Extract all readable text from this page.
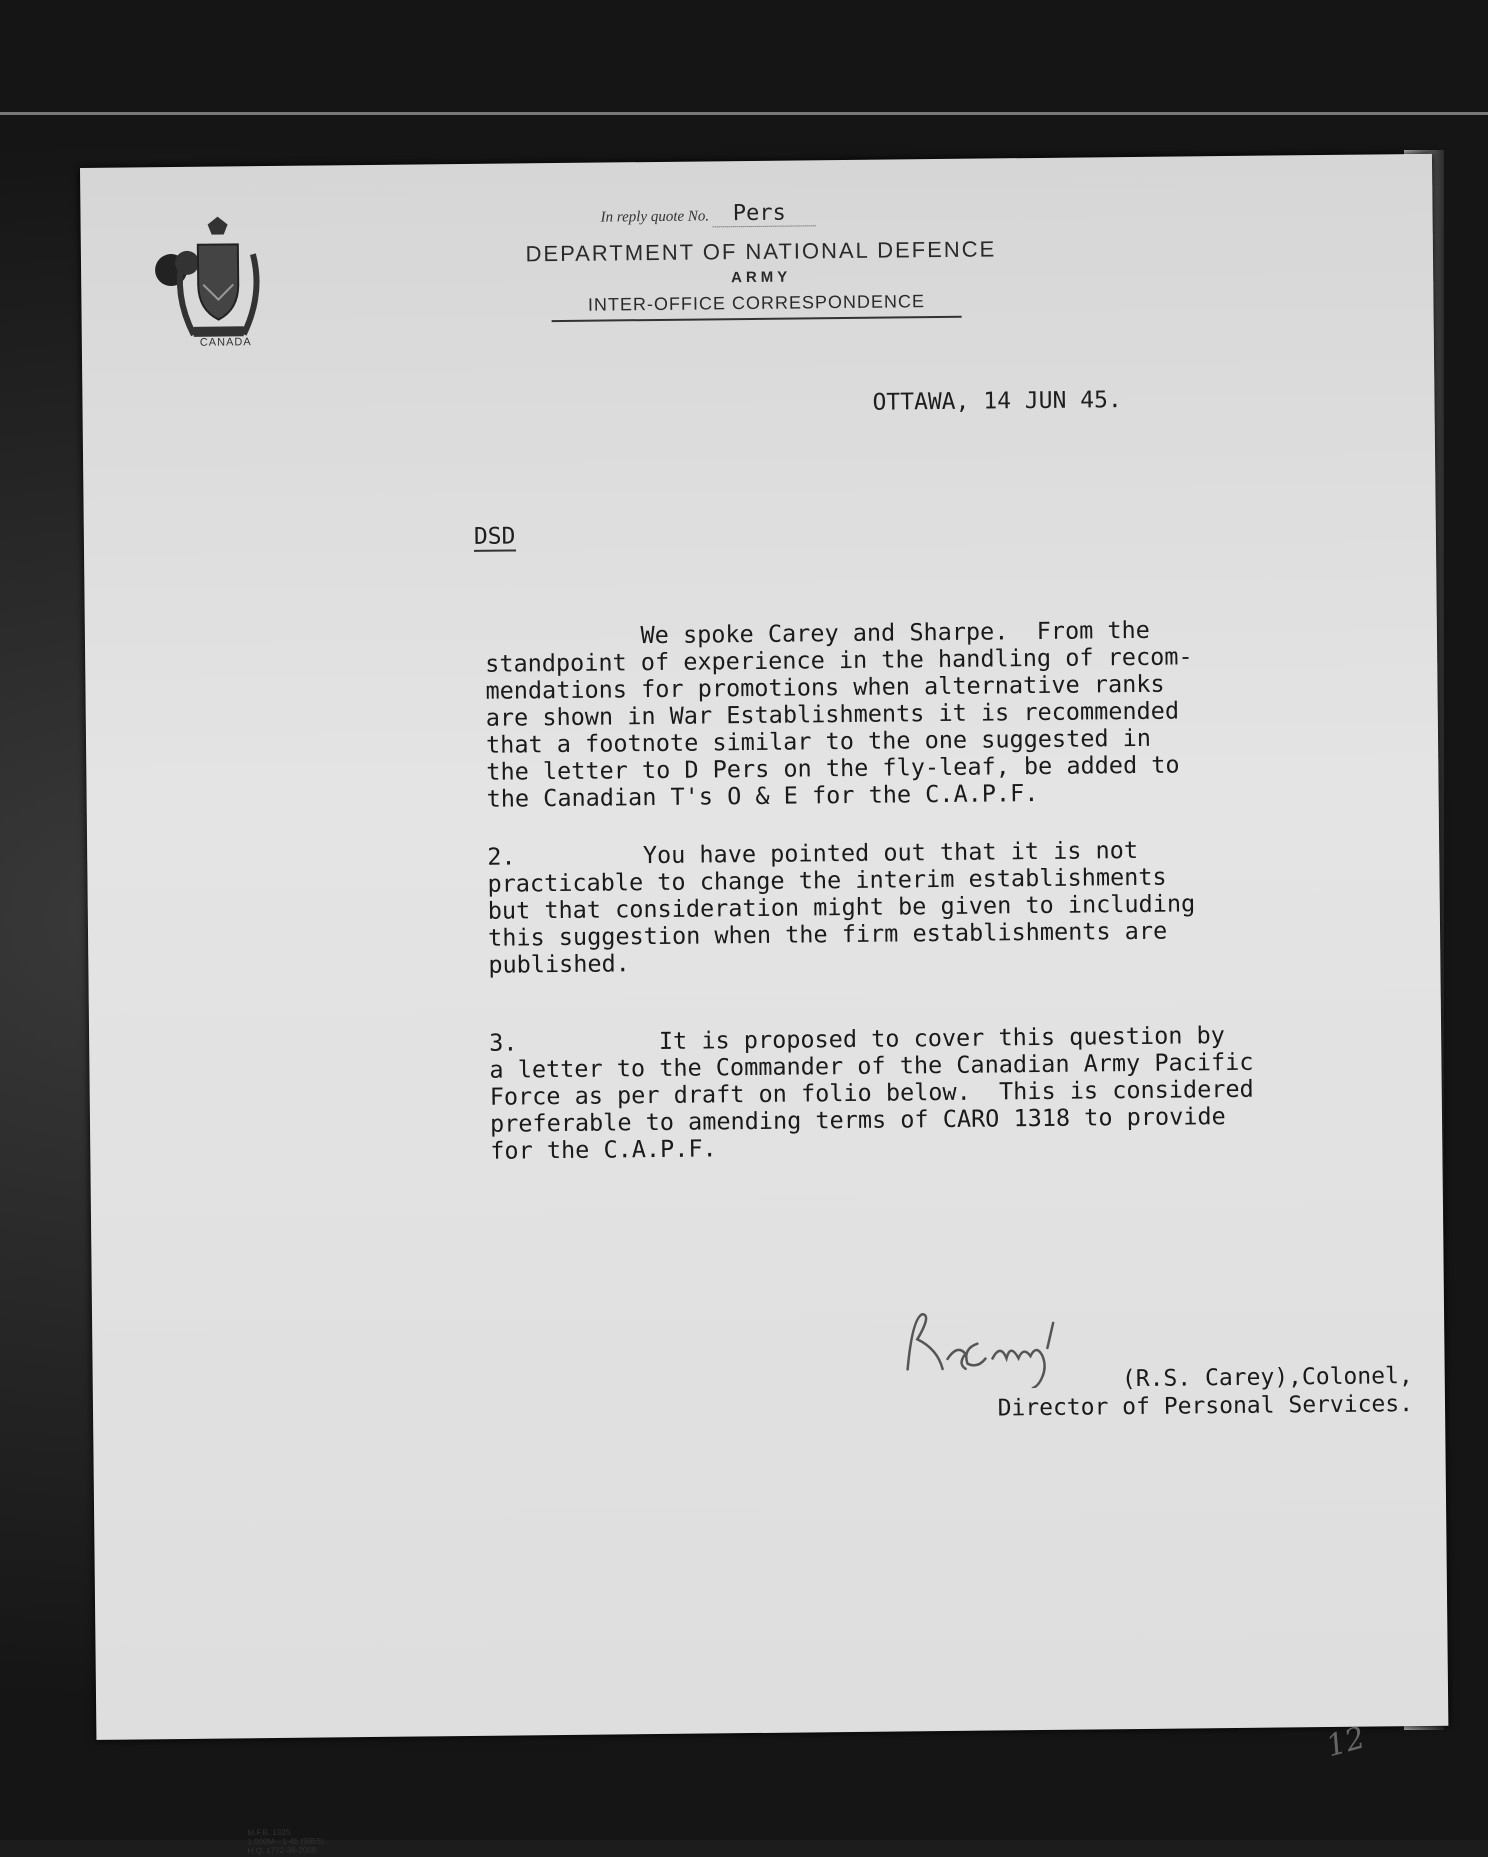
CANADA
In reply quote No. Pers
DEPARTMENT OF NATIONAL DEFENCE
ARMY
INTER-OFFICE CORRESPONDENCE
OTTAWA, 14 JUN 45.
DSD
We spoke Carey and Sharpe.  From the
standpoint of experience in the handling of recom-
mendations for promotions when alternative ranks
are shown in War Establishments it is recommended
that a footnote similar to the one suggested in
the letter to D Pers on the fly-leaf, be added to
the Canadian T's O & E for the C.A.P.F.
2.         You have pointed out that it is not
practicable to change the interim establishments
but that consideration might be given to including
this suggestion when the firm establishments are
published.
3.          It is proposed to cover this question by
a letter to the Commander of the Canadian Army Pacific
Force as per draft on folio below.  This is considered
preferable to amending terms of CARO 1318 to provide
for the C.A.P.F.
(R.S. Carey),Colonel,
Director of Personal Services.
12
M.F.B. 1325
1,000M—1-45 (9955)
H.Q. 1772-39-2008
